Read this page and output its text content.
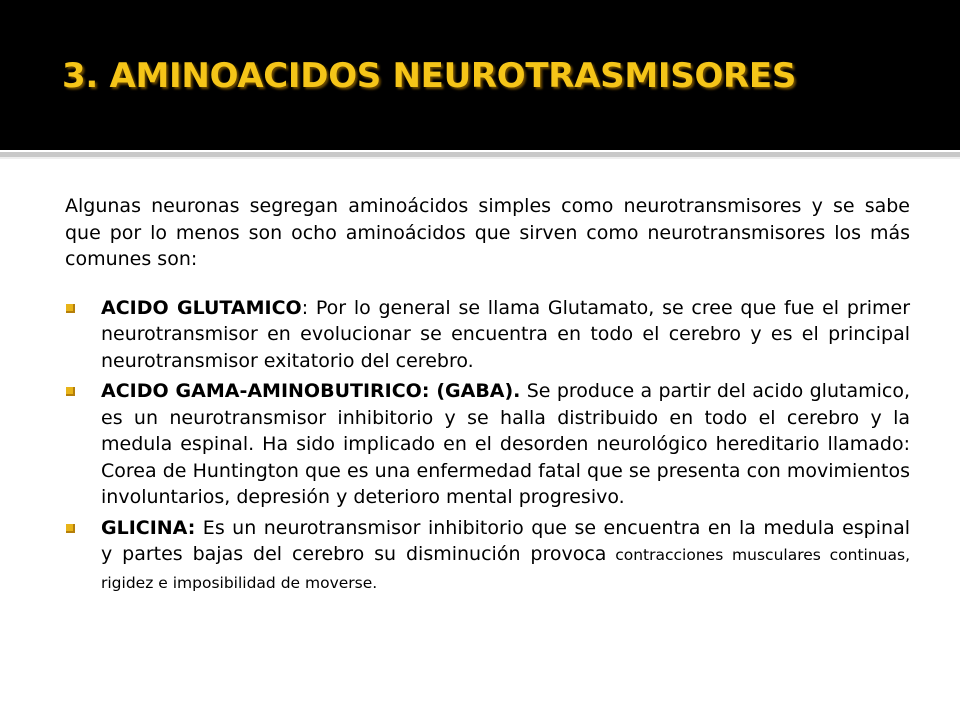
3. AMINOACIDOS NEUROTRASMISORES

Algunas neuronas segregan aminoácidos simples como neurotransmisores y se sabe que por lo menos son ocho aminoácidos que sirven como neurotransmisores los más comunes son:

ACIDO GLUTAMICO: Por lo general se llama Glutamato, se cree que fue el primer neurotransmisor en evolucionar se encuentra en todo el cerebro y es el principal neurotransmisor exitatorio del cerebro.
ACIDO GAMA-AMINOBUTIRICO: (GABA). Se produce a partir del acido glutamico, es un neurotransmisor inhibitorio y se halla distribuido en todo el cerebro y la medula espinal. Ha sido implicado en el desorden neurológico hereditario llamado: Corea de Huntington que es una enfermedad fatal que se presenta con movimientos involuntarios, depresión y deterioro mental progresivo.
GLICINA: Es un neurotransmisor inhibitorio que se encuentra en la medula espinal y partes bajas del cerebro su disminución provoca contracciones musculares continuas, rigidez e imposibilidad de moverse.
